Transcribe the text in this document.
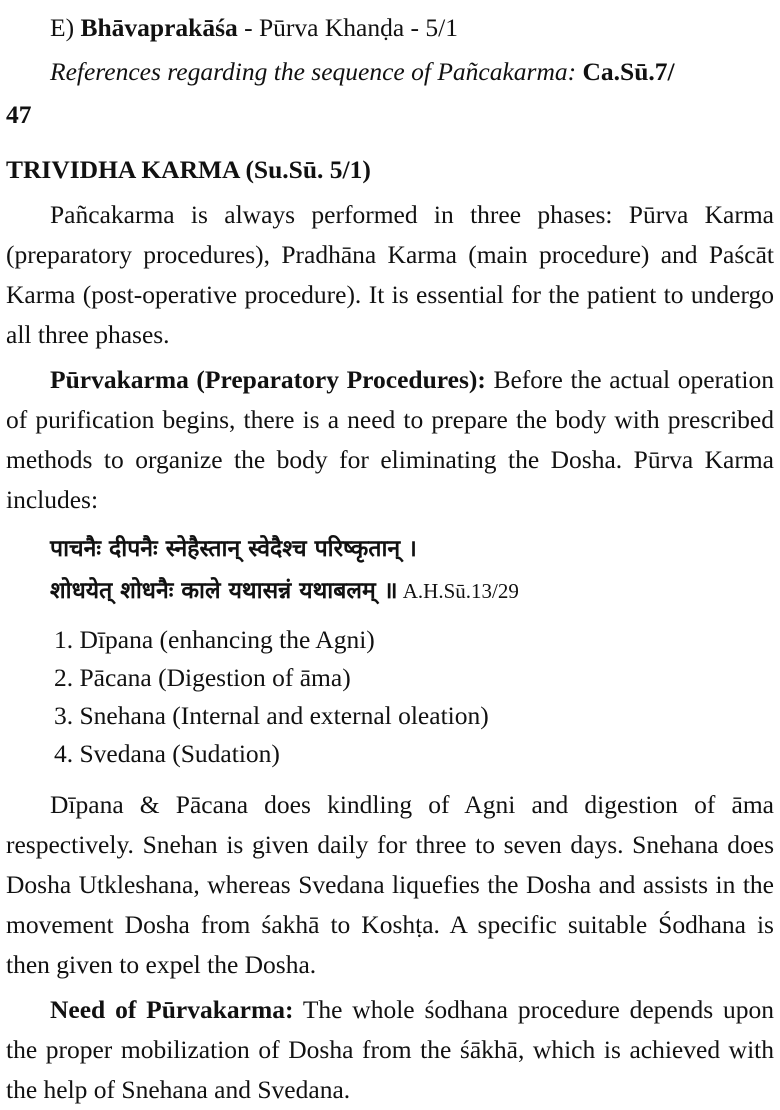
E) Bhāvaprakāśa - Pūrva Khanḍa - 5/1
References regarding the sequence of Pañcakarma: Ca.Sū.7/
47
TRIVIDHA KARMA (Su.Sū. 5/1)

Pañcakarma is always performed in three phases: Pūrva Karma (preparatory procedures), Pradhāna Karma (main procedure) and Paścāt Karma (post-operative procedure). It is essential for the patient to undergo all three phases.

Pūrvakarma (Preparatory Procedures): Before the actual operation of purification begins, there is a need to prepare the body with prescribed methods to organize the body for eliminating the Dosha. Pūrva Karma includes:

पाचनैः दीपनैः स्नेहैस्तान् स्वेदैश्च परिष्कृतान् ।
शोधयेत् शोधनैः काले यथासन्नं यथाबलम् ॥ A.H.Sū.13/29
1. Dīpana (enhancing the Agni)
2. Pācana (Digestion of āma)
3. Snehana (Internal and external oleation)
4. Svedana (Sudation)

Dīpana & Pācana does kindling of Agni and digestion of āma respectively. Snehan is given daily for three to seven days. Snehana does Dosha Utkleshana, whereas Svedana liquefies the Dosha and assists in the movement Dosha from śakhā to Koshṭa. A specific suitable Śodhana is then given to expel the Dosha.

Need of Pūrvakarma: The whole śodhana procedure depends upon the proper mobilization of Dosha from the śākhā, which is achieved with the help of Snehana and Svedana.
